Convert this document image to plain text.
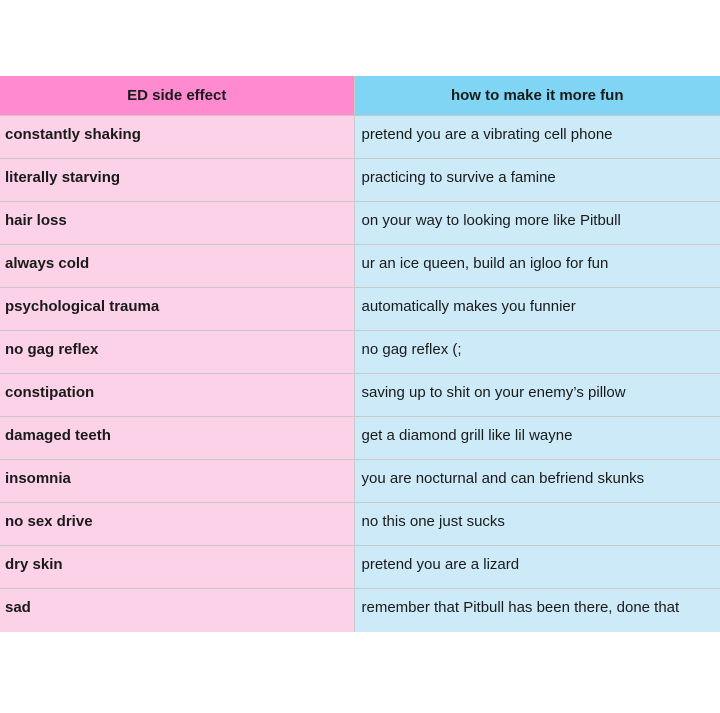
ED side effect	how to make it more fun
constantly shaking	pretend you are a vibrating cell phone
literally starving	practicing to survive a famine
hair loss	on your way to looking more like Pitbull
always cold	ur an ice queen, build an igloo for fun
psychological trauma	automatically makes you funnier
no gag reflex	no gag reflex (;
constipation	saving up to shit on your enemy’s pillow
damaged teeth	get a diamond grill like lil wayne
insomnia	you are nocturnal and can befriend skunks
no sex drive	no this one just sucks
dry skin	pretend you are a lizard
sad	remember that Pitbull has been there, done that
